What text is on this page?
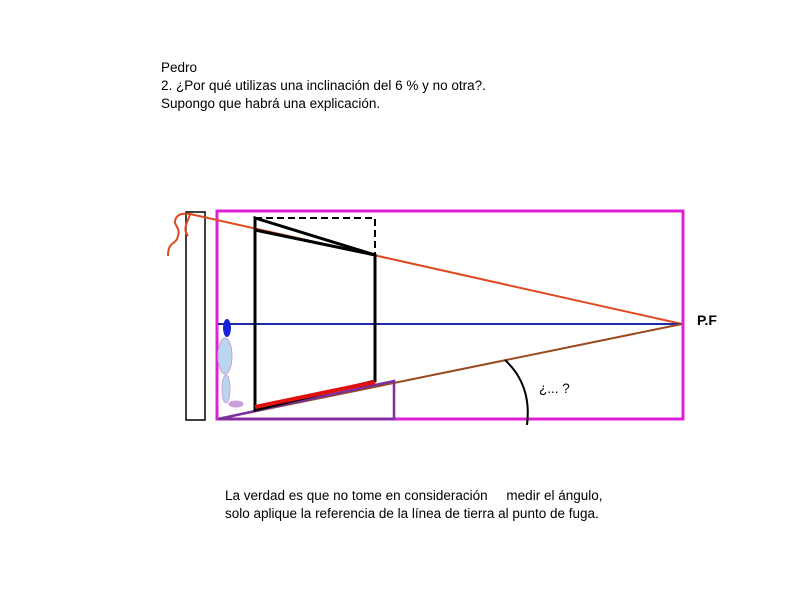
Pedro
2. ¿Por qué utilizas una inclinación del 6 % y no otra?.
Supongo que habrá una explicación.
P.F
¿... ?
La verdad es que no tome en consideración     medir el ángulo,
solo aplique la referencia de la línea de tierra al punto de fuga.
